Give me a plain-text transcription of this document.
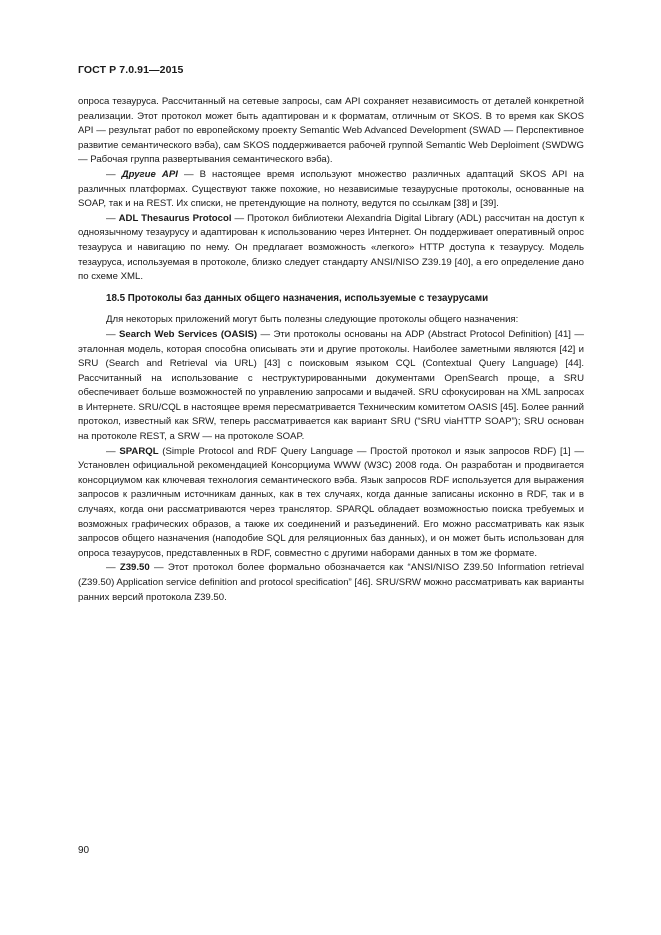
ГОСТ Р 7.0.91—2015

опроса тезауруса. Рассчитанный на сетевые запросы, сам API сохраняет независимость от деталей конкретной реализации. Этот протокол может быть адаптирован и к форматам, отличным от SKOS. В то время как SKOS API — результат работ по европейскому проекту Semantic Web Advanced Development (SWAD — Перспективное развитие семантического вэба), сам SKOS поддерживается рабочей группой Semantic Web Deploiment (SWDWG — Рабочая группа развертывания семантического вэба).

— Другие API — В настоящее время используют множество различных адаптаций SKOS API на различных платформах. Существуют также похожие, но независимые тезаурусные протоколы, основанные на SOAP, так и на REST. Их списки, не претендующие на полноту, ведутся по ссылкам [38] и [39].

— ADL Thesaurus Protocol — Протокол библиотеки Alexandria Digital Library (ADL) рассчитан на доступ к одноязычному тезаурусу и адаптирован к использованию через Интернет. Он поддерживает оперативный опрос тезауруса и навигацию по нему. Он предлагает возможность «легкого» HTTP доступа к тезаурусу. Модель тезауруса, используемая в протоколе, близко следует стандарту ANSI/NISO Z39.19 [40], а его определение дано по схеме XML.

18.5 Протоколы баз данных общего назначения, используемые с тезаурусами

Для некоторых приложений могут быть полезны следующие протоколы общего назначения:

— Search Web Services (OASIS) — Эти протоколы основаны на ADP (Abstract Protocol Definition) [41] — эталонная модель, которая способна описывать эти и другие протоколы. Наиболее заметными являются [42] и SRU (Search and Retrieval via URL) [43] с поисковым языком CQL (Contextual Query Language) [44]. Рассчитанный на использование с неструктурированными документами OpenSearch проще, а SRU обеспечивает больше возможностей по управлению запросами и выдачей. SRU сфокусирован на XML запросах в Интернете. SRU/CQL в настоящее время пересматривается Техническим комитетом OASIS [45]. Более ранний протокол, известный как SRW, теперь рассматривается как вариант SRU (“SRU viaHTTP SOAP”); SRU основан на протоколе REST, а SRW — на протоколе SOAP.

— SPARQL (Simple Protocol and RDF Query Language — Простой протокол и язык запросов RDF) [1] — Установлен официальной рекомендацией Консорциума WWW (W3C) 2008 года. Он разработан и продвигается консорциумом как ключевая технология семантического вэба. Язык запросов RDF используется для выражения запросов к различным источникам данных, как в тех случаях, когда данные записаны исконно в RDF, так и в случаях, когда они рассматриваются через транслятор. SPARQL обладает возможностью поиска требуемых и возможных графических образов, а также их соединений и разъединений. Его можно рассматривать как язык запросов общего назначения (наподобие SQL для реляционных баз данных), и он может быть использован для опроса тезаурусов, представленных в RDF, совместно с другими наборами данных в том же формате.

— Z39.50 — Этот протокол более формально обозначается как “ANSI/NISO Z39.50 Information retrieval (Z39.50) Application service definition and protocol specification” [46]. SRU/SRW можно рассматривать как варианты ранних версий протокола Z39.50.

90
